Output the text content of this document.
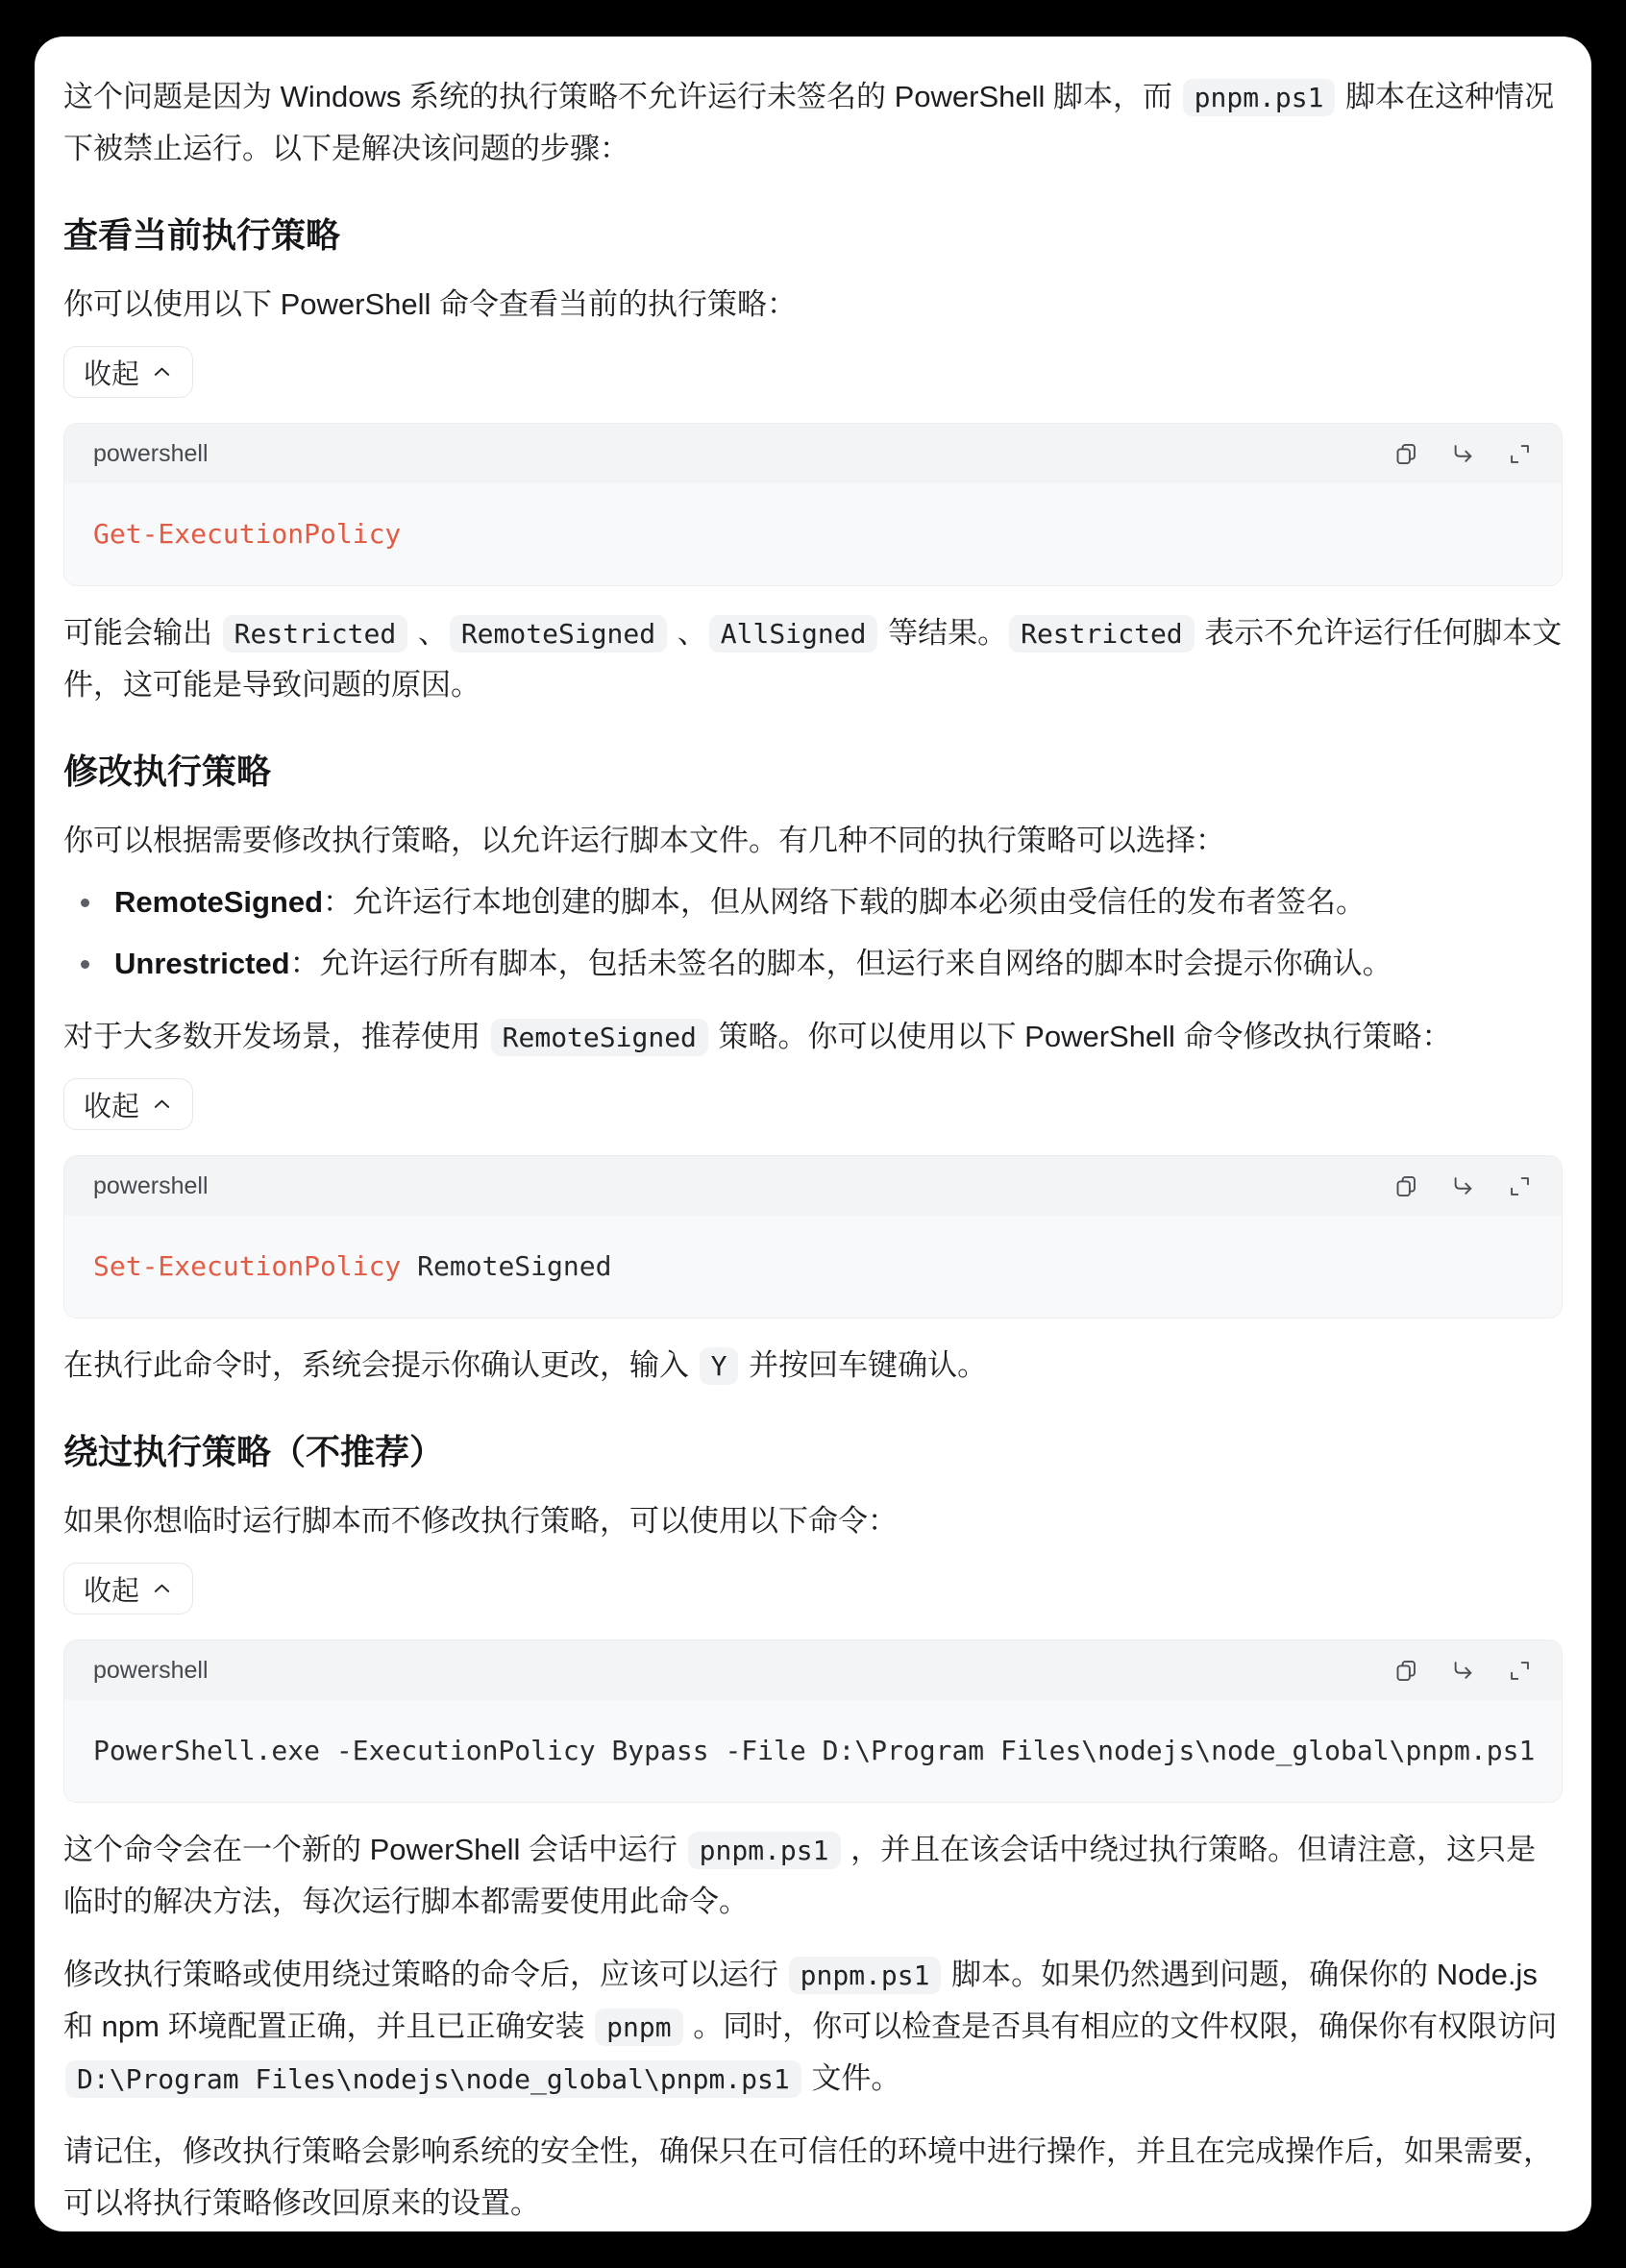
这个问题是因为 Windows 系统的执行策略不允许运行未签名的 PowerShell 脚本，而 pnpm.ps1 脚本在这种情况下被禁止运行。以下是解决该问题的步骤：
查看当前执行策略
你可以使用以下 PowerShell 命令查看当前的执行策略：
收起
powershell
Get-ExecutionPolicy
可能会输出 Restricted 、 RemoteSigned 、 AllSigned 等结果。 Restricted 表示不允许运行任何脚本文件，这可能是导致问题的原因。
修改执行策略
你可以根据需要修改执行策略，以允许运行脚本文件。有几种不同的执行策略可以选择：
RemoteSigned：允许运行本地创建的脚本，但从网络下载的脚本必须由受信任的发布者签名。
Unrestricted：允许运行所有脚本，包括未签名的脚本，但运行来自网络的脚本时会提示你确认。
对于大多数开发场景，推荐使用 RemoteSigned 策略。你可以使用以下 PowerShell 命令修改执行策略：
收起
powershell
Set-ExecutionPolicy RemoteSigned
在执行此命令时，系统会提示你确认更改，输入 Y 并按回车键确认。
绕过执行策略（不推荐）
如果你想临时运行脚本而不修改执行策略，可以使用以下命令：
收起
powershell
PowerShell.exe -ExecutionPolicy Bypass -File D:\Program Files\nodejs\node_global\pnpm.ps1
这个命令会在一个新的 PowerShell 会话中运行 pnpm.ps1 ，并且在该会话中绕过执行策略。但请注意，这只是临时的解决方法，每次运行脚本都需要使用此命令。
修改执行策略或使用绕过策略的命令后，应该可以运行 pnpm.ps1 脚本。如果仍然遇到问题，确保你的 Node.js 和 npm 环境配置正确，并且已正确安装 pnpm 。同时，你可以检查是否具有相应的文件权限，确保你有权限访问 D:\Program Files\nodejs\node_global\pnpm.ps1 文件。
请记住，修改执行策略会影响系统的安全性，确保只在可信任的环境中进行操作，并且在完成操作后，如果需要，可以将执行策略修改回原来的设置。
